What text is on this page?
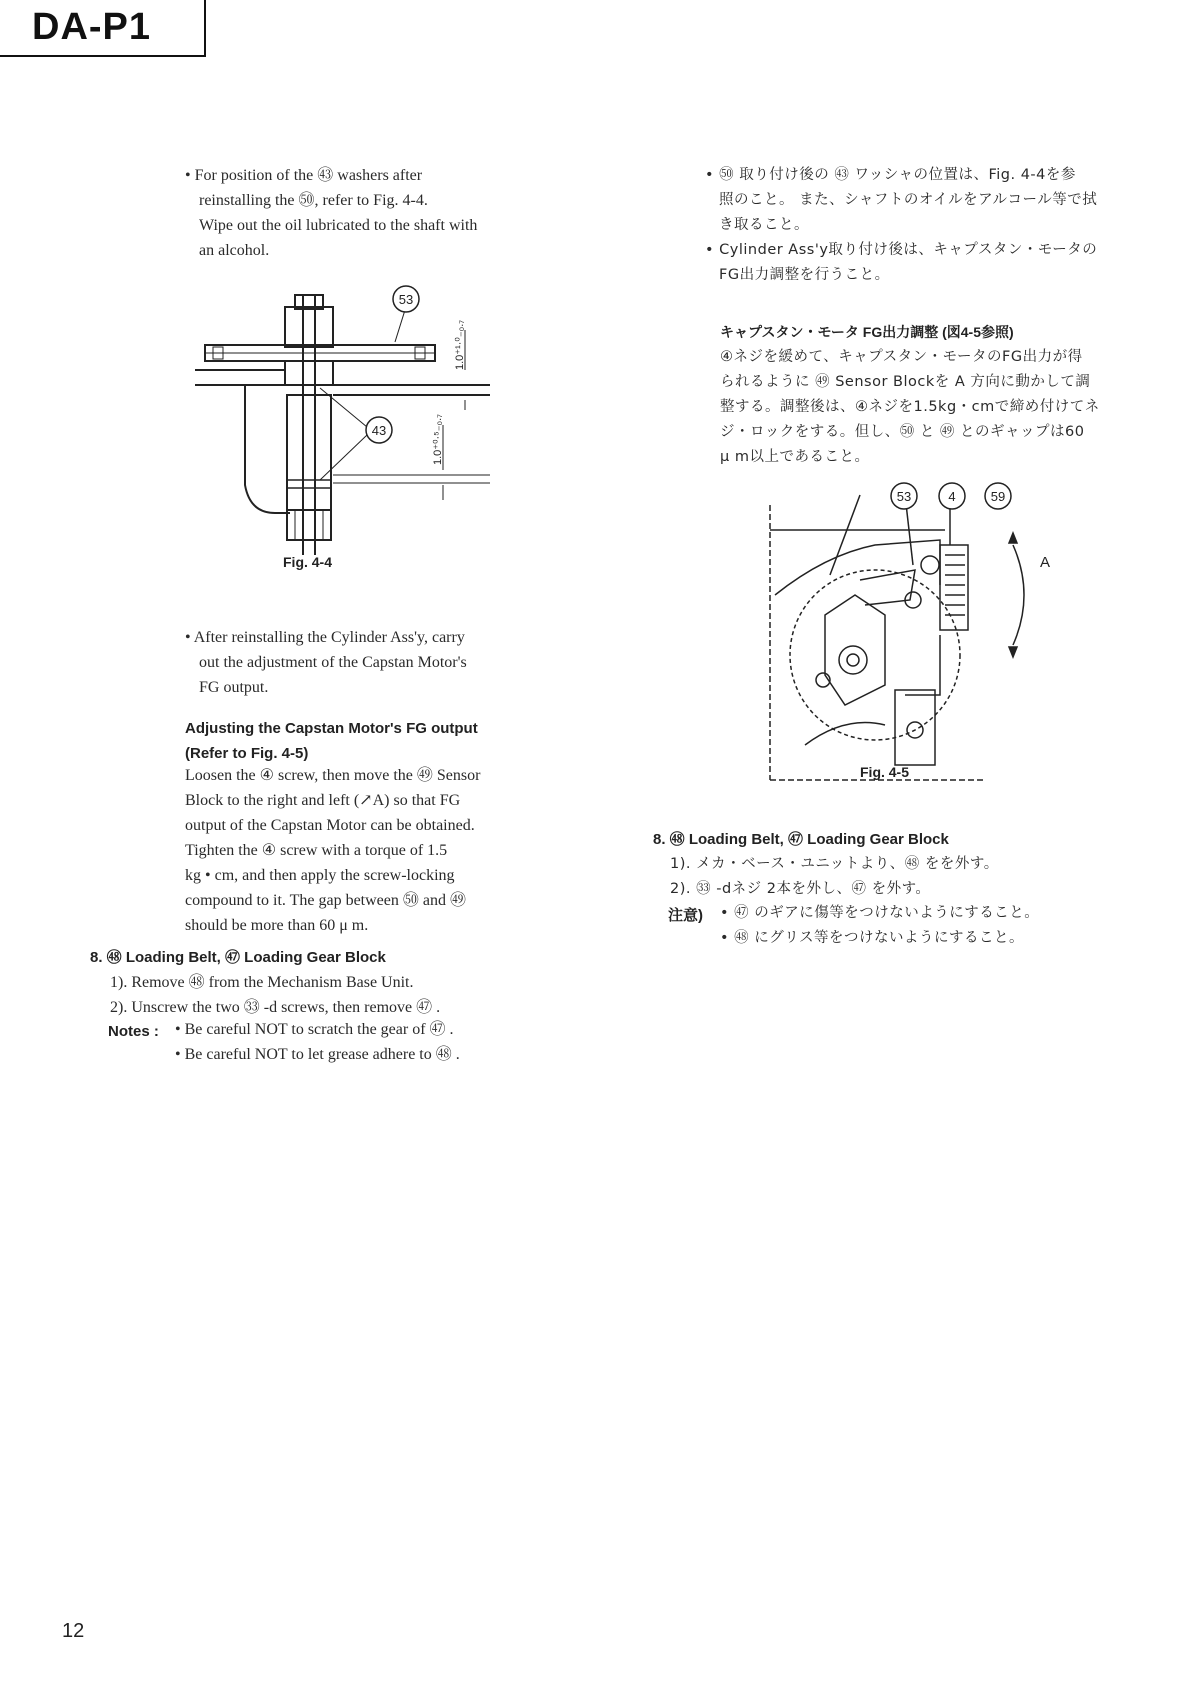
DA-P1

• For position of the ㊸ washers after

reinstalling the ㊿, refer to Fig. 4-4.

Wipe out the oil lubricated to the shaft with

an alcohol.

53
43
1.0⁺¹·⁰₋₀.₇
1.0⁺⁰·⁵₋₀.₇
Fig. 4-4

• After reinstalling the Cylinder Ass'y, carry

out the adjustment of the Capstan Motor's

FG output.

Adjusting the Capstan Motor's FG output
(Refer to Fig. 4-5)

Loosen the ④ screw, then move the ㊾ Sensor

Block to the right and left (↗A) so that FG

output of the Capstan Motor can be obtained.

Tighten the ④ screw with a torque of 1.5

kg • cm, and then apply the screw-locking

compound to it. The gap between ㊿ and ㊾

should be more than 60 μ m.

8. ㊽ Loading Belt, ㊼ Loading Gear Block

1). Remove ㊽ from the Mechanism Base Unit.

2). Unscrew the two ㉝ -d screws, then remove ㊼ .

Notes : • Be careful NOT to scratch the gear of ㊼ .

• Be careful NOT to let grease adhere to ㊽ .

• ㊿ 取り付け後の ㊸ ワッシャの位置は、Fig. 4-4を参

照のこと。 また、シャフトのオイルをアルコール等で拭

き取ること。

• Cylinder Ass'y取り付け後は、キャプスタン・モータの

FG出力調整を行うこと。

キャプスタン・モータ FG出力調整 (図4-5参照)

④ネジを緩めて、キャプスタン・モータのFG出力が得

られるように ㊾ Sensor Blockを A 方向に動かして調

整する。調整後は、④ネジを1.5kg・cmで締め付けてネ

ジ・ロックをする。但し、㊿ と ㊾ とのギャップは60

μ m以上であること。

53	4	59
A
Fig. 4-5
8. ㊽ Loading Belt, ㊼ Loading Gear Block

1). メカ・ベース・ユニットより、㊽ をを外す。

2). ㉝ -dネジ 2本を外し、㊼ を外す。

注意) • ㊼ のギアに傷等をつけないようにすること。

• ㊽ にグリス等をつけないようにすること。

12
